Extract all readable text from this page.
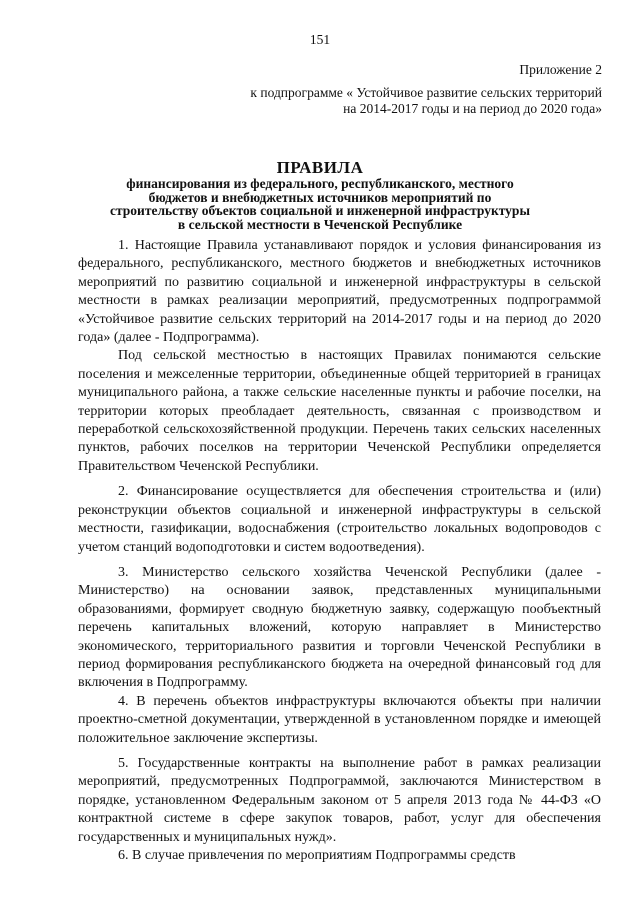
151
Приложение 2
к подпрограмме « Устойчивое развитие сельских территорий
на 2014-2017 годы и на период до 2020 года»
ПРАВИЛА
финансирования из федерального, республиканского, местного бюджетов и внебюджетных источников мероприятий по строительству объектов социальной и инженерной инфраструктуры в сельской местности в Чеченской Республике

1. Настоящие Правила устанавливают порядок и условия финансирования из федерального, республиканского, местного бюджетов и внебюджетных источников мероприятий по развитию социальной и инженерной инфраструктуры в сельской местности в рамках реализации мероприятий, предусмотренных подпрограммой «Устойчивое развитие сельских территорий на 2014-2017 годы и на период до 2020 года» (далее - Подпрограмма).

Под сельской местностью в настоящих Правилах понимаются сельские поселения и межселенные территории, объединенные общей территорией в границах муниципального района, а также сельские населенные пункты и рабочие поселки, на территории которых преобладает деятельность, связанная с производством и переработкой сельскохозяйственной продукции. Перечень таких сельских населенных пунктов, рабочих поселков на территории Чеченской Республики определяется Правительством Чеченской Республики.

2. Финансирование осуществляется для обеспечения строительства и (или) реконструкции объектов социальной и инженерной инфраструктуры в сельской местности, газификации, водоснабжения (строительство локальных водопроводов с учетом станций водоподготовки и систем водоотведения).

3. Министерство сельского хозяйства Чеченской Республики (далее - Министерство) на основании заявок, представленных муниципальными образованиями, формирует сводную бюджетную заявку, содержащую пообъектный перечень капитальных вложений, которую направляет в Министерство экономического, территориального развития и торговли Чеченской Республики в период формирования республиканского бюджета на очередной финансовый год для включения в Подпрограмму.

4. В перечень объектов инфраструктуры включаются объекты при наличии проектно-сметной документации, утвержденной в установленном порядке и имеющей положительное заключение экспертизы.

5. Государственные контракты на выполнение работ в рамках реализации мероприятий, предусмотренных Подпрограммой, заключаются Министерством в порядке, установленном Федеральным законом от 5 апреля 2013 года № 44-ФЗ «О контрактной системе в сфере закупок товаров, работ, услуг для обеспечения государственных и муниципальных нужд».

6. В случае привлечения по мероприятиям Подпрограммы средств
